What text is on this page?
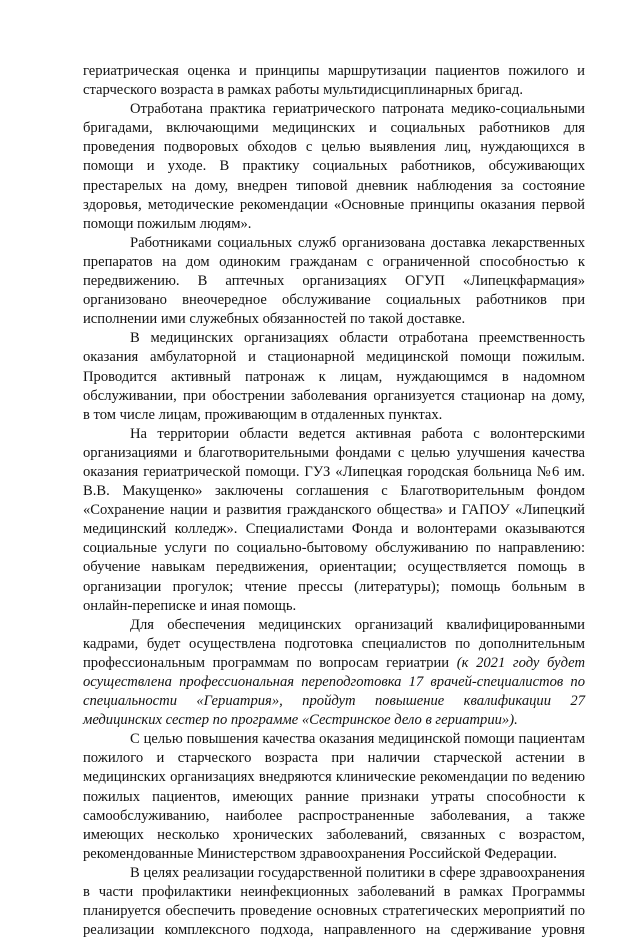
гериатрическая оценка и принципы маршрутизации пациентов пожилого и
старческого возраста в рамках работы мультидисциплинарных бригад.
Отработана практика гериатрического патроната медико-социальными
бригадами, включающими медицинских и социальных работников для
проведения подворовых обходов с целью выявления лиц, нуждающихся в
помощи и уходе. В практику социальных работников, обсуживающих
престарелых на дому, внедрен типовой дневник наблюдения за состояние
здоровья, методические рекомендации «Основные принципы оказания первой
помощи пожилым людям».
Работниками социальных служб организована доставка лекарственных
препаратов на дом одиноким гражданам с ограниченной способностью к
передвижению. В аптечных организациях ОГУП «Липецкфармация»
организовано внеочередное обслуживание социальных работников при
исполнении ими служебных обязанностей по такой доставке.
В медицинских организациях области отработана преемственность
оказания амбулаторной и стационарной медицинской помощи пожилым.
Проводится активный патронаж к лицам, нуждающимся в надомном
обслуживании, при обострении заболевания организуется стационар на дому,
в том числе лицам, проживающим в отдаленных пунктах.
На территории области ведется активная работа с волонтерскими
организациями и благотворительными фондами с целью улучшения качества
оказания гериатрической помощи. ГУЗ «Липецкая городская больница №6 им.
В.В. Макущенко» заключены соглашения с Благотворительным фондом
«Сохранение нации и развития гражданского общества» и ГАПОУ «Липецкий
медицинский колледж». Специалистами Фонда и волонтерами оказываются
социальные услуги по социально-бытовому обслуживанию по направлению:
обучение навыкам передвижения, ориентации; осуществляется помощь в
организации прогулок; чтение прессы (литературы); помощь больным в
онлайн-переписке и иная помощь.
Для обеспечения медицинских организаций квалифицированными
кадрами, будет осуществлена подготовка специалистов по дополнительным
профессиональным программам по вопросам гериатрии (к 2021 году будет
осуществлена профессиональная переподготовка 17 врачей-специалистов по
специальности «Гериатрия», пройдут повышение квалификации 27
медицинских сестер по программе «Сестринское дело в гериатрии»).
С целью повышения качества оказания медицинской помощи пациентам
пожилого и старческого возраста при наличии старческой астении в
медицинских организациях внедряются клинические рекомендации по ведению
пожилых пациентов, имеющих ранние признаки утраты способности к
самообслуживанию, наиболее распространенные заболевания, а также
имеющих несколько хронических заболеваний, связанных с возрастом,
рекомендованные Министерством здравоохранения Российской Федерации.
В целях реализации государственной политики в сфере здравоохранения
в части профилактики неинфекционных заболеваний в рамках Программы
планируется обеспечить проведение основных стратегических мероприятий по
реализации комплексного подхода, направленного на сдерживание уровня
